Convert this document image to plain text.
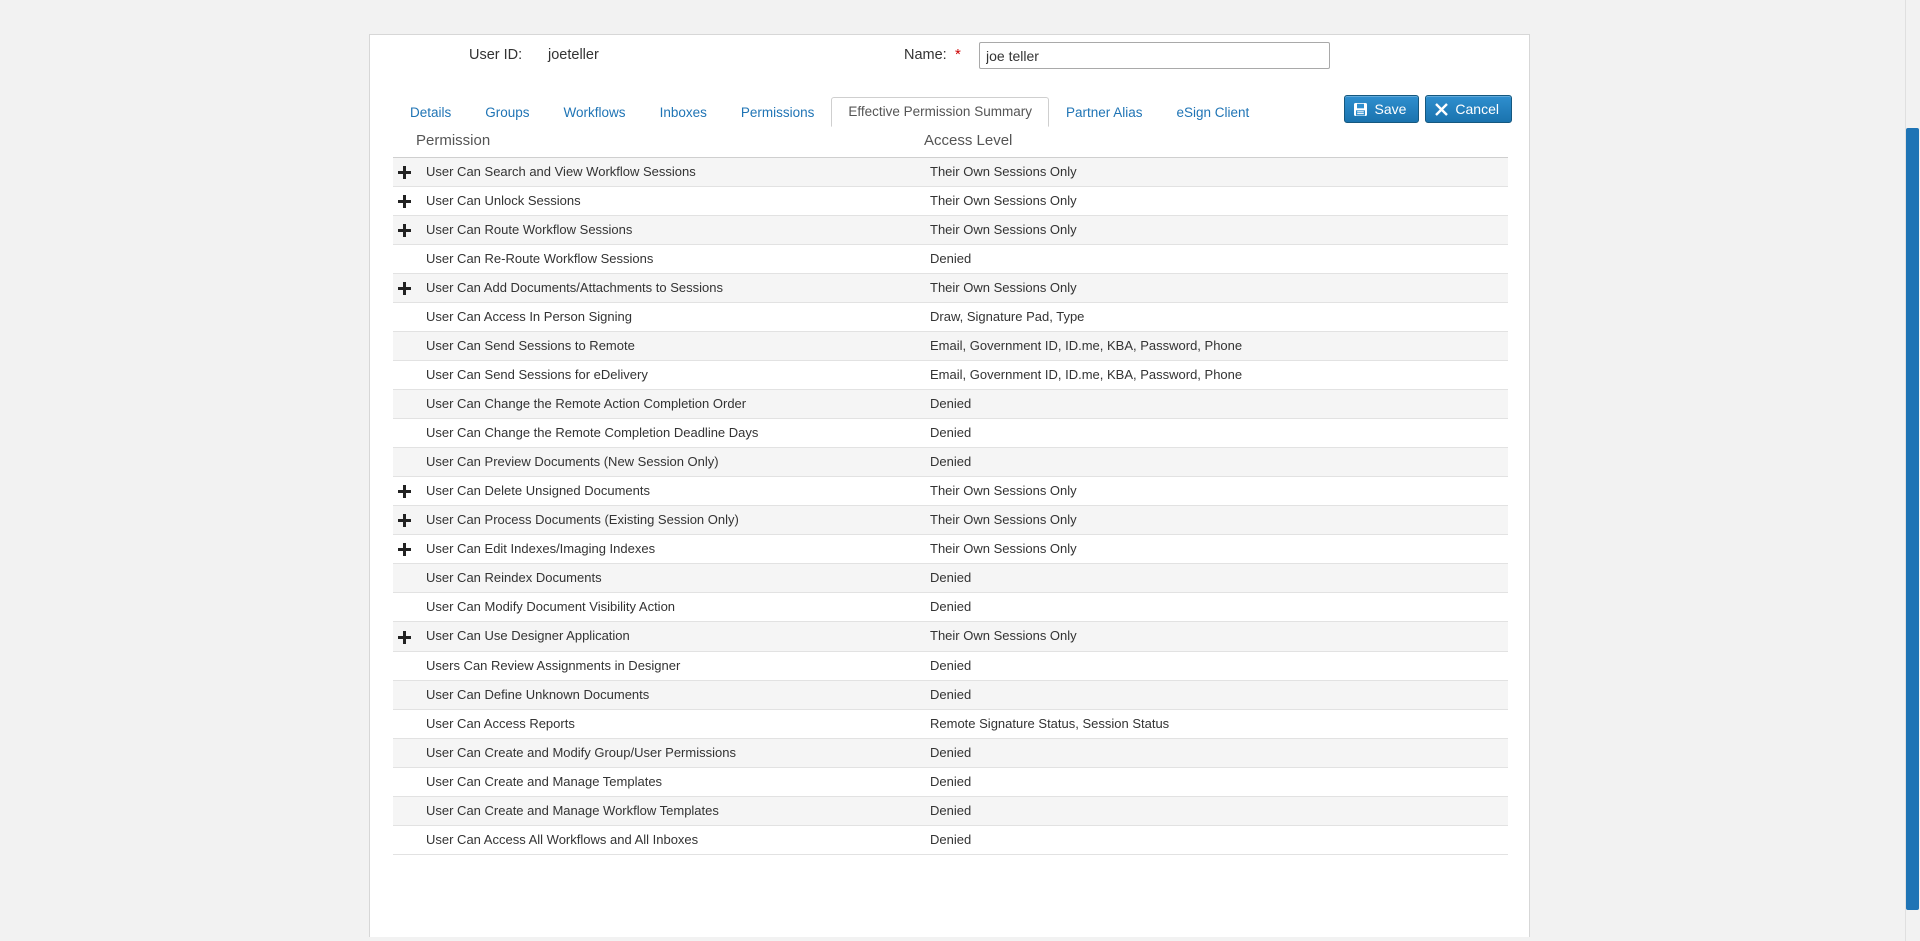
User ID: joeteller	Name: *
joe teller
Details	Groups	Workflows	Inboxes	Permissions	Effective Permission Summary	Partner Alias	eSign Client	Save	Cancel
	Permission	Access Level
	User Can Search and View Workflow Sessions	Their Own Sessions Only
	User Can Unlock Sessions	Their Own Sessions Only
	User Can Route Workflow Sessions	Their Own Sessions Only
	User Can Re-Route Workflow Sessions	Denied
	User Can Add Documents/Attachments to Sessions	Their Own Sessions Only
	User Can Access In Person Signing	Draw, Signature Pad, Type
	User Can Send Sessions to Remote	Email, Government ID, ID.me, KBA, Password, Phone
	User Can Send Sessions for eDelivery	Email, Government ID, ID.me, KBA, Password, Phone
	User Can Change the Remote Action Completion Order	Denied
	User Can Change the Remote Completion Deadline Days	Denied
	User Can Preview Documents (New Session Only)	Denied
	User Can Delete Unsigned Documents	Their Own Sessions Only
	User Can Process Documents (Existing Session Only)	Their Own Sessions Only
	User Can Edit Indexes/Imaging Indexes	Their Own Sessions Only
	User Can Reindex Documents	Denied
	User Can Modify Document Visibility Action	Denied
	User Can Use Designer Application	Their Own Sessions Only
	Users Can Review Assignments in Designer	Denied
	User Can Define Unknown Documents	Denied
	User Can Access Reports	Remote Signature Status, Session Status
	User Can Create and Modify Group/User Permissions	Denied
	User Can Create and Manage Templates	Denied
	User Can Create and Manage Workflow Templates	Denied
	User Can Access All Workflows and All Inboxes	Denied
